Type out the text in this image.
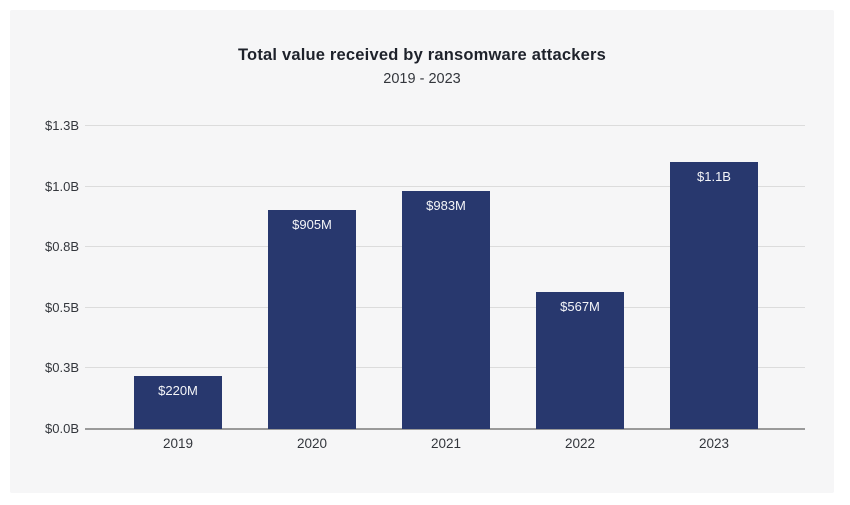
Total value received by ransomware attackers
2019 - 2023
$0.0B
$0.3B
$0.5B
$0.8B
$1.0B
$1.3B
$220M
$905M
$983M
$567M
$1.1B
2019	2020	2021	2022	2023
